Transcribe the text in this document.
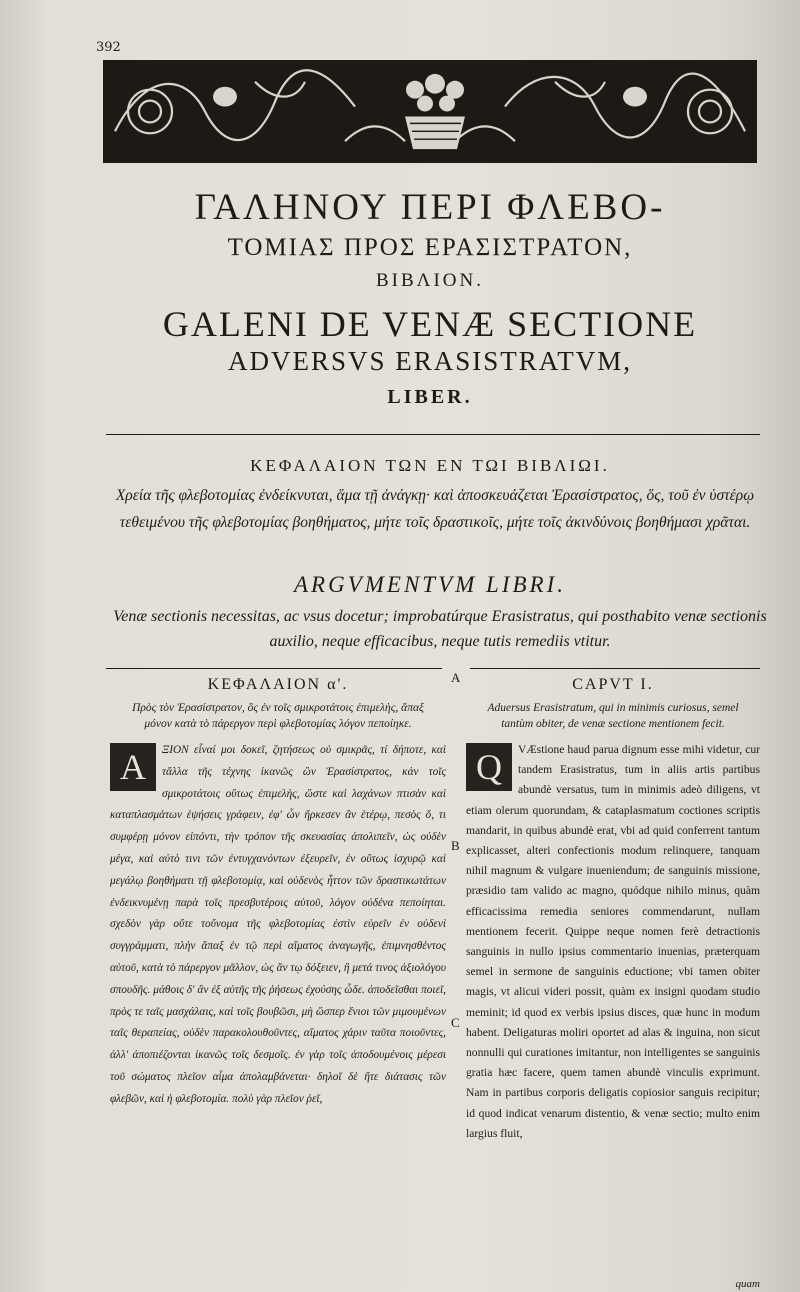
392
ΓΑΛΗΝΟΥ ΠΕΡΙ ΦΛΕΒΟ-
ΤΟΜΙΑΣ ΠΡΟΣ ΕΡΑΣΙΣΤΡΑΤΟΝ,
ΒΙΒΛΙΟΝ.
GALENI DE VENÆ SECTIONE
ADVERSVS ERASISTRATVM,
LIBER.
ΚΕΦΑΛΑΙΟΝ ΤΩΝ ΕΝ ΤΩΙ ΒΙΒΛΙΩΙ.
Χρεία τῆς φλεβοτομίας ἐνδείκνυται, ἅμα τῇ ἀνάγκῃ· καὶ ἀποσκευάζεται Ἐρασίστρατος, ὅς, τοῦ ἐν ὑστέρῳ τεθειμένου τῆς φλεβοτομίας βοηθήματος, μήτε τοῖς δραστικοῖς, μήτε τοῖς ἀκινδύνοις βοηθήμασι χρᾶται.
ARGVMENTVM LIBRI.
Venæ sectionis necessitas, ac vsus docetur; improbatúrque Erasistratus, qui posthabito venæ sectionis auxilio, neque efficacibus, neque tutis remediis vtitur.
A
B
C
ΚΕΦΑΛΑΙΟΝ α'.
Πρὸς τὸν Ἐρασίστρατον, ὃς ἐν τοῖς σμικροτάτοις ἐπιμελὴς, ἅπαξ μόνον κατὰ τὸ πάρεργον περὶ φλεβοτομίας λόγον πεποίηκε.
A	ΞΙΟΝ εἶναί μοι δοκεῖ, ζητήσεως οὐ σμικρᾶς, τί δήποτε, καὶ τἄλλα τῆς τέχνης ἱκανῶς ὢν Ἐρασίστρατος, κἀν τοῖς σμικροτάτοις οὕτως ἐπιμελὴς, ὥστε καὶ λαχάνων πτισὰν καὶ καταπλασμάτων ἑψήσεις γράφειν, ἐφ' ὧν ἤρκεσεν ἂν ἑτέρῳ, πεσὸς ὅ, τι συμφέρῃ μόνον εἰπόντι, τὴν τρόπον τῆς σκευασίας ἀπολιπεῖν, ὡς οὐδὲν μέγα, καὶ αὐτὸ τινι τῶν ἐντυγχανόντων ἐξευρεῖν, ἐν οὕτως ἰσχυρῷ καὶ μεγάλῳ βοηθήματι τῇ φλεβοτομίᾳ, καὶ οὐδενὸς ἧττον τῶν δραστικωτάτων ἐνδεικνυμένῃ παρὰ τοῖς πρεσβυτέροις αὐτοῦ, λόγον οὐδένα πεποίηται. σχεδὸν γὰρ οὔτε τοὔνομα τῆς φλεβοτομίας ἐστὶν εὑρεῖν ἐν οὐδενὶ συγγράμματι, πλὴν ἅπαξ ἐν τῷ περὶ αἵματος ἀναγωγῆς, ἐπιμνησθέντος αὐτοῦ, κατὰ τὸ πάρεργον μᾶλλον, ὡς ἄν τῳ δόξειεν, ἢ μετά τινος ἀξιολόγου σπουδῆς. μάθοις δ' ἂν ἐξ αὐτῆς τῆς ῥήσεως ἐχούσης ὧδε. ἀποδεῖσθαι ποιεῖ, πρὸς τε ταῖς μασχάλαις, καὶ τοῖς βουβῶσι, μὴ ὥσπερ ἔνιοι τῶν μιμουμένων ταῖς θεραπείας, οὐδὲν παρακολουθοῦντες, αἵματος χάριν ταῦτα ποιοῦντες, ἀλλ' ἀποπιέζονται ἱκανῶς τοῖς δεσμοῖς. ἐν γὰρ τοῖς ἀποδουμένοις μέρεσι τοῦ σώματος πλεῖον αἷμα ἀπολαμβάνεται· δηλοῖ δὲ ἥτε διάτασις τῶν φλεβῶν, καὶ ἡ φλεβοτομία. πολὺ γὰρ πλεῖον ῥεῖ,
CAPVT I.
Aduersus Erasistratum, qui in minimis curiosus, semel tantùm obiter, de venæ sectione mentionem fecit.
Q	VÆstione haud parua dignum esse mihi videtur, cur tandem Erasistratus, tum in aliis artis partibus abundè versatus, tum in minimis adeò diligens, vt etiam olerum quorundam, & cataplasmatum coctiones scriptis mandarit, in quibus abundè erat, vbi ad quid conferrent tantum explicasset, alteri confectionis modum relinquere, tanquam nihil magnum & vulgare inueniendum; de sanguinis missione, præsidio tam valido ac magno, quódque nihilo minus, quàm efficacissima remedia seniores commendarunt, nullam mentionem fecerit. Quippe neque nomen ferè detractionis sanguinis in nullo ipsius commentario inuenias, præterquam semel in sermone de sanguinis eductione; vbi tamen obiter magis, vt alicui videri possit, quàm ex insigni quodam studio meminit; id quod ex verbis ipsius disces, quæ hunc in modum habent. Deligaturas moliri oportet ad alas & inguina, non sicut nonnulli qui curationes imitantur, non intelligentes se sanguinis gratia hæc facere, quem tamen abundè vinculis exprimunt. Nam in partibus corporis deligatis copiosior sanguis recipitur; id quod indicat venarum distentio, & venæ sectio; multo enim largius fluit,
quam
